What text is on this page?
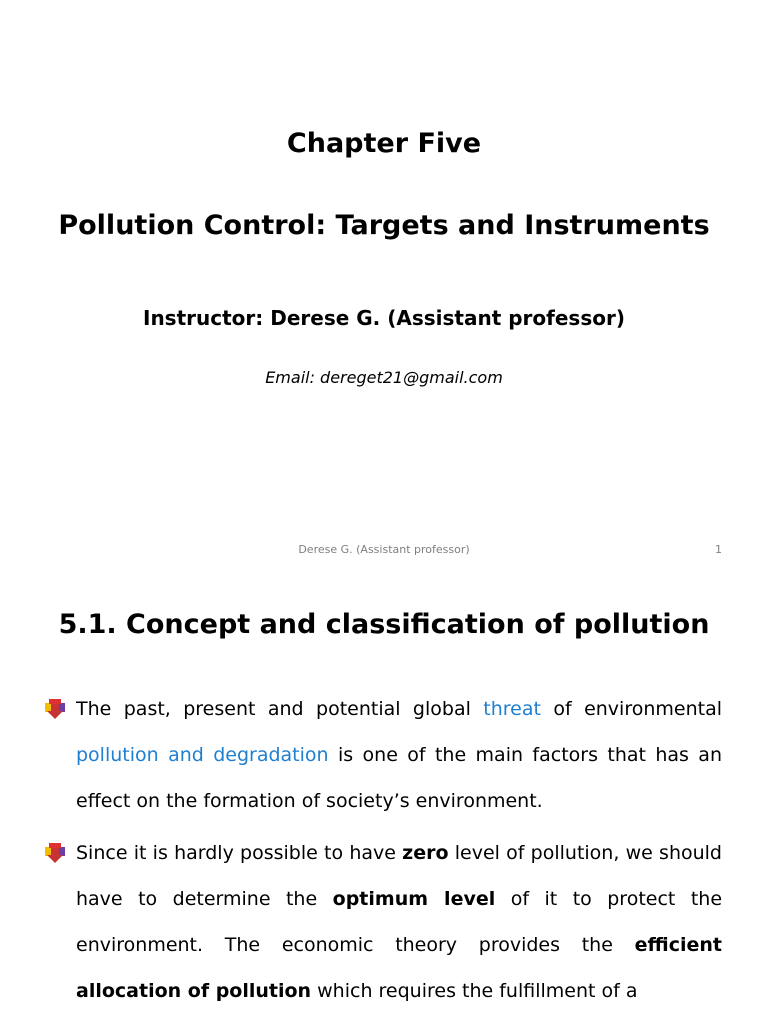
Chapter Five
Pollution Control: Targets and Instruments
Instructor: Derese G. (Assistant professor)
Email: dereget21@gmail.com
Derese G. (Assistant professor)	1
5.1. Concept and classification of pollution
The past, present and potential global threat of environmental pollution and degradation is one of the main factors that has an effect on the formation of society’s environment.
Since it is hardly possible to have zero level of pollution, we should have to determine the optimum level of it to protect the environment. The economic theory provides the efficient allocation of pollution which requires the fulfillment of a
